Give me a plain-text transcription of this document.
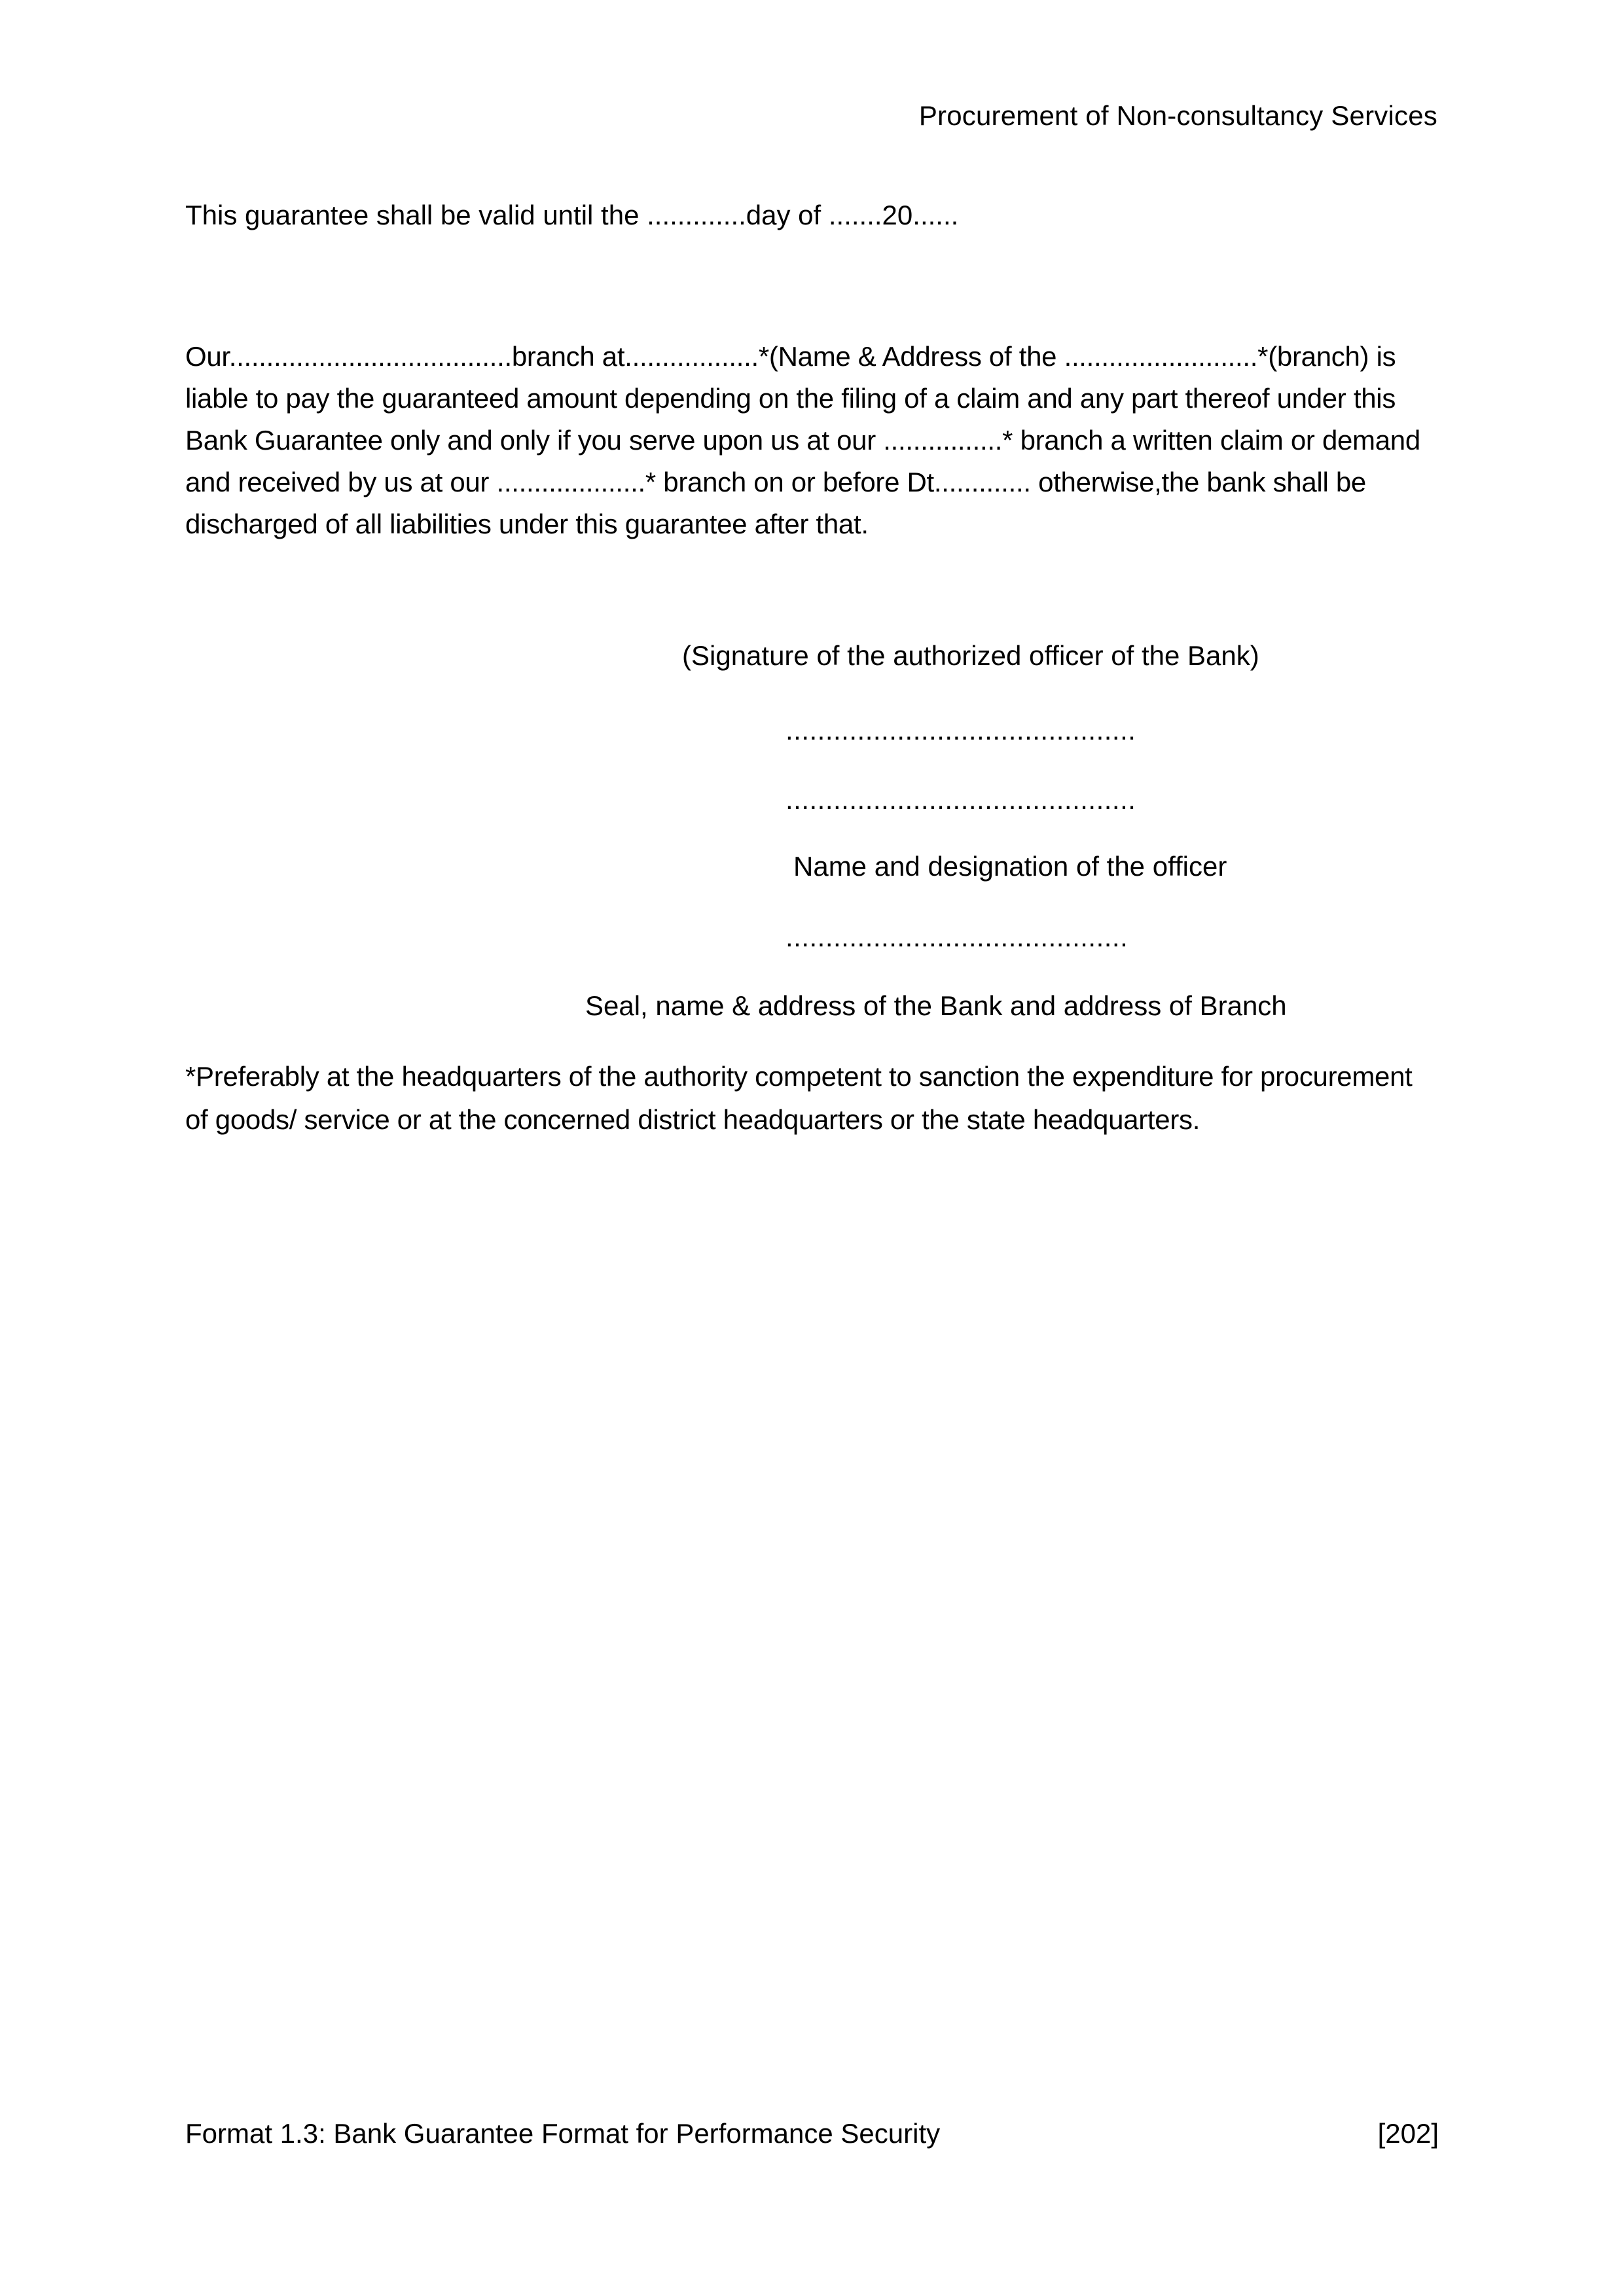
Procurement of Non-consultancy Services
This guarantee shall be valid until the .............day of .......20......
Our......................................branch at..................*(Name & Address of the ..........................*(branch) is liable to pay the guaranteed amount depending on the filing of a claim and any part thereof under this Bank Guarantee only and only if you serve upon us at our ................* branch a written claim or demand and received by us at our ....................* branch on or before Dt............. otherwise,the bank shall be discharged of all liabilities under this guarantee after that.
(Signature of the authorized officer of the Bank)
............................................
............................................
Name and designation of the officer
...........................................
Seal, name & address of the Bank and address of Branch
*Preferably at the headquarters of the authority competent to sanction the expenditure for procurement of goods/ service or at the concerned district headquarters or the state headquarters.
Format 1.3: Bank Guarantee Format for Performance Security	[202]
